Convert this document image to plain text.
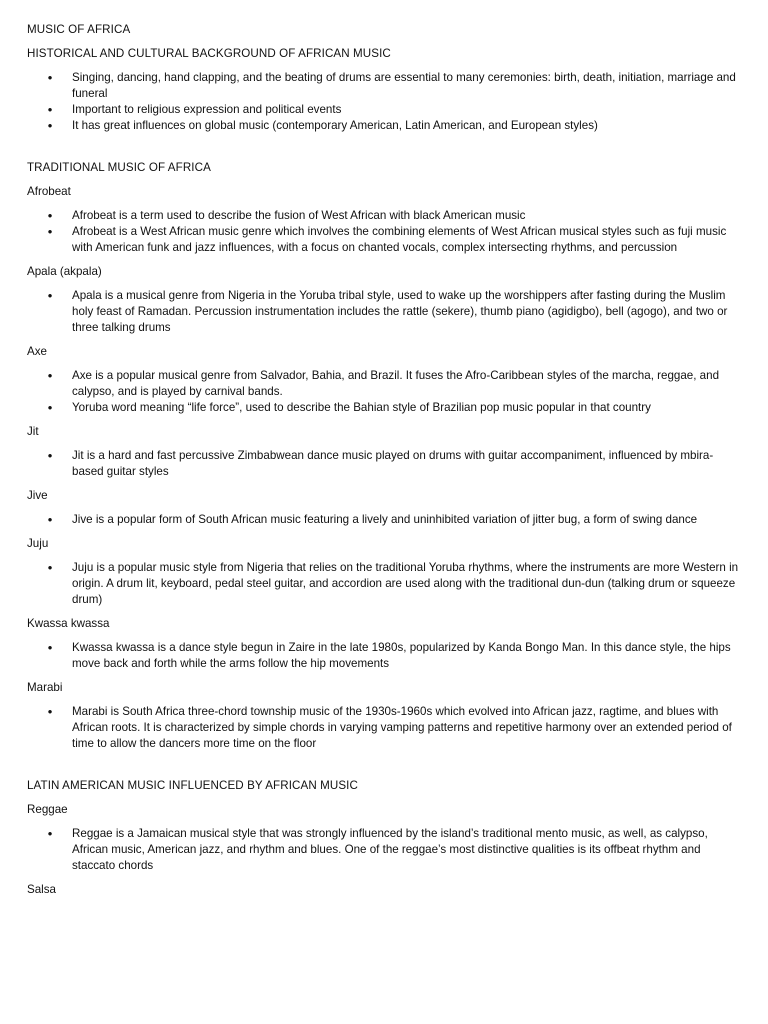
MUSIC OF AFRICA
HISTORICAL AND CULTURAL BACKGROUND OF AFRICAN MUSIC
• Singing, dancing, hand clapping, and the beating of drums are essential to many ceremonies: birth, death, initiation, marriage and funeral
• Important to religious expression and political events
• It has great influences on global music (contemporary American, Latin American, and European styles)
TRADITIONAL MUSIC OF AFRICA
Afrobeat
• Afrobeat is a term used to describe the fusion of West African with black American music
• Afrobeat is a West African music genre which involves the combining elements of West African musical styles such as fuji music with American funk and jazz influences, with a focus on chanted vocals, complex intersecting rhythms, and percussion
Apala (akpala)
• Apala is a musical genre from Nigeria in the Yoruba tribal style, used to wake up the worshippers after fasting during the Muslim holy feast of Ramadan. Percussion instrumentation includes the rattle (sekere), thumb piano (agidigbo), bell (agogo), and two or three talking drums
Axe
• Axe is a popular musical genre from Salvador, Bahia, and Brazil. It fuses the Afro-Caribbean styles of the marcha, reggae, and calypso, and is played by carnival bands.
• Yoruba word meaning “life force”, used to describe the Bahian style of Brazilian pop music popular in that country
Jit
• Jit is a hard and fast percussive Zimbabwean dance music played on drums with guitar accompaniment, influenced by mbira-based guitar styles
Jive
• Jive is a popular form of South African music featuring a lively and uninhibited variation of jitter bug, a form of swing dance
Juju
• Juju is a popular music style from Nigeria that relies on the traditional Yoruba rhythms, where the instruments are more Western in origin. A drum lit, keyboard, pedal steel guitar, and accordion are used along with the traditional dun-dun (talking drum or squeeze drum)
Kwassa kwassa
• Kwassa kwassa is a dance style begun in Zaire in the late 1980s, popularized by Kanda Bongo Man. In this dance style, the hips move back and forth while the arms follow the hip movements
Marabi
• Marabi is South Africa three-chord township music of the 1930s-1960s which evolved into African jazz, ragtime, and blues with African roots. It is characterized by simple chords in varying vamping patterns and repetitive harmony over an extended period of time to allow the dancers more time on the floor
LATIN AMERICAN MUSIC INFLUENCED BY AFRICAN MUSIC
Reggae
• Reggae is a Jamaican musical style that was strongly influenced by the island’s traditional mento music, as well, as calypso, African music, American jazz, and rhythm and blues. One of the reggae’s most distinctive qualities is its offbeat rhythm and staccato chords
Salsa
